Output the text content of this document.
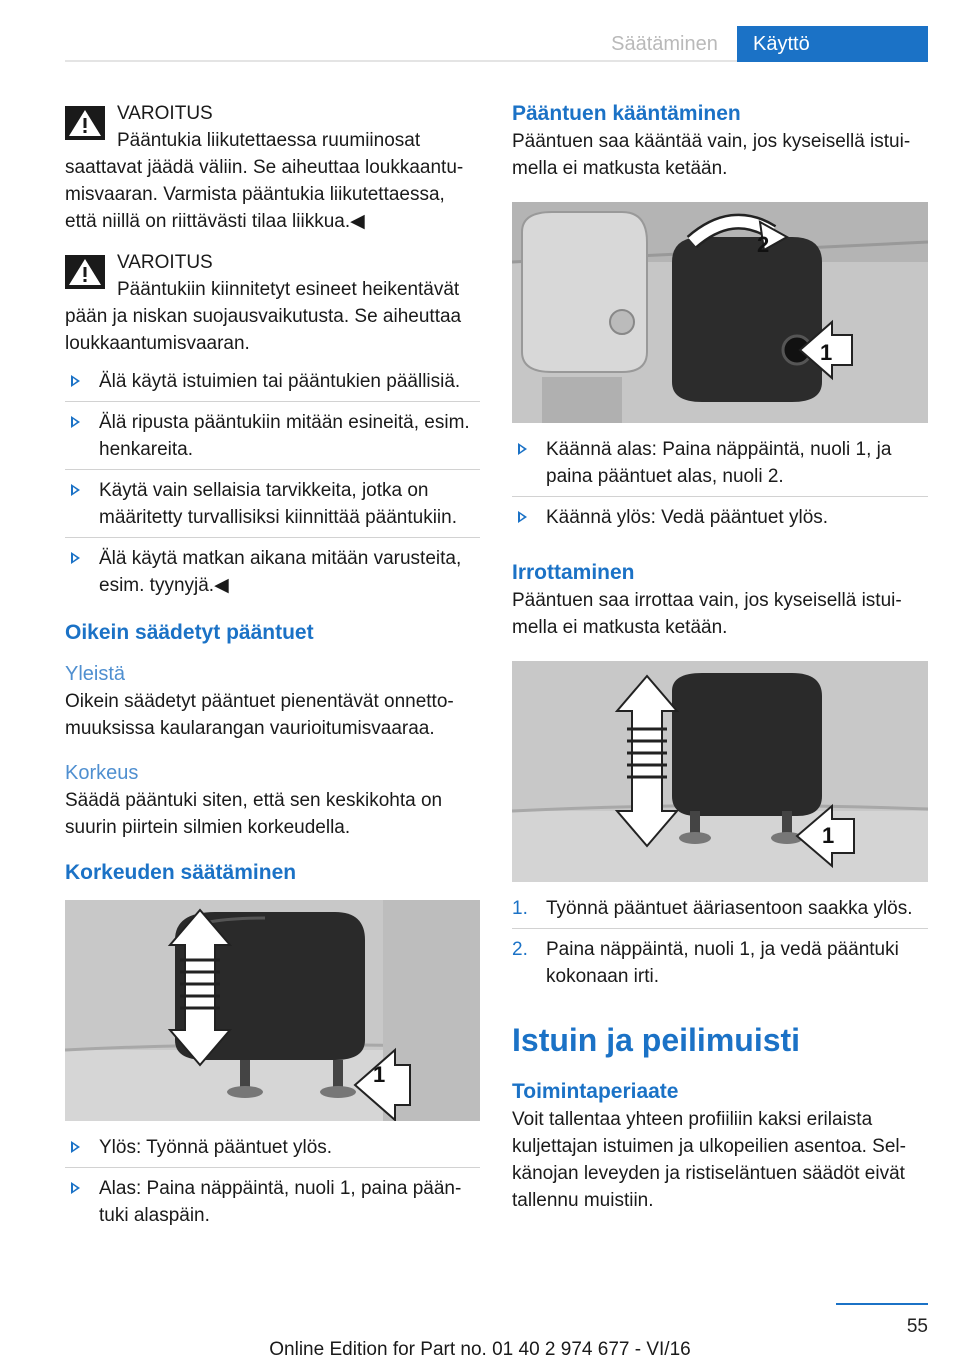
Säätäminen	Käyttö
VAROITUS
Pääntukia liikutettaessa ruumiinosat saattavat jäädä väliin. Se aiheuttaa loukkaantumisvaaran. Varmista pääntukia liikutettaessa, että niillä on riittävästi tilaa liikkua.◀
VAROITUS
Pääntukiin kiinnitetyt esineet heikentävät pään ja niskan suojausvaikutusta. Se aiheuttaa loukkaantumisvaaran.
Älä käytä istuimien tai pääntukien päällisiä.
Älä ripusta pääntukiin mitään esineitä, esim. henkareita.
Käytä vain sellaisia tarvikkeita, jotka on määritetty turvallisiksi kiinnittää pääntukiin.
Älä käytä matkan aikana mitään varusteita, esim. tyynyjä.◀
Oikein säädetyt pääntuet
Yleistä

Oikein säädetyt pääntuet pienentävät onnettomuuksissa kaularangan vaurioitumisvaaraa.

Korkeus

Säädä pääntuki siten, että sen keskikohta on suurin piirtein silmien korkeudella.

Korkeuden säätäminen
1
Ylös: Työnnä pääntuet ylös.
Alas: Paina näppäintä, nuoli 1, paina pääntuki alaspäin.
Pääntuen kääntäminen

Pääntuen saa kääntää vain, jos kyseisellä istuimella ei matkusta ketään.

2
1
Käännä alas: Paina näppäintä, nuoli 1, ja paina pääntuet alas, nuoli 2.
Käännä ylös: Vedä pääntuet ylös.
Irrottaminen

Pääntuen saa irrottaa vain, jos kyseisellä istuimella ei matkusta ketään.

1
1. Työnnä pääntuet ääriasentoon saakka ylös.
2. Paina näppäintä, nuoli 1, ja vedä pääntuki kokonaan irti.
Istuin ja peilimuisti
Toimintaperiaate

Voit tallentaa yhteen profiiliin kaksi erilaista kuljettajan istuimen ja ulkopeilien asentoa. Selkänojan leveyden ja ristiseläntuen säädöt eivät tallennu muistiin.

55
Online Edition for Part no. 01 40 2 974 677 - VI/16
